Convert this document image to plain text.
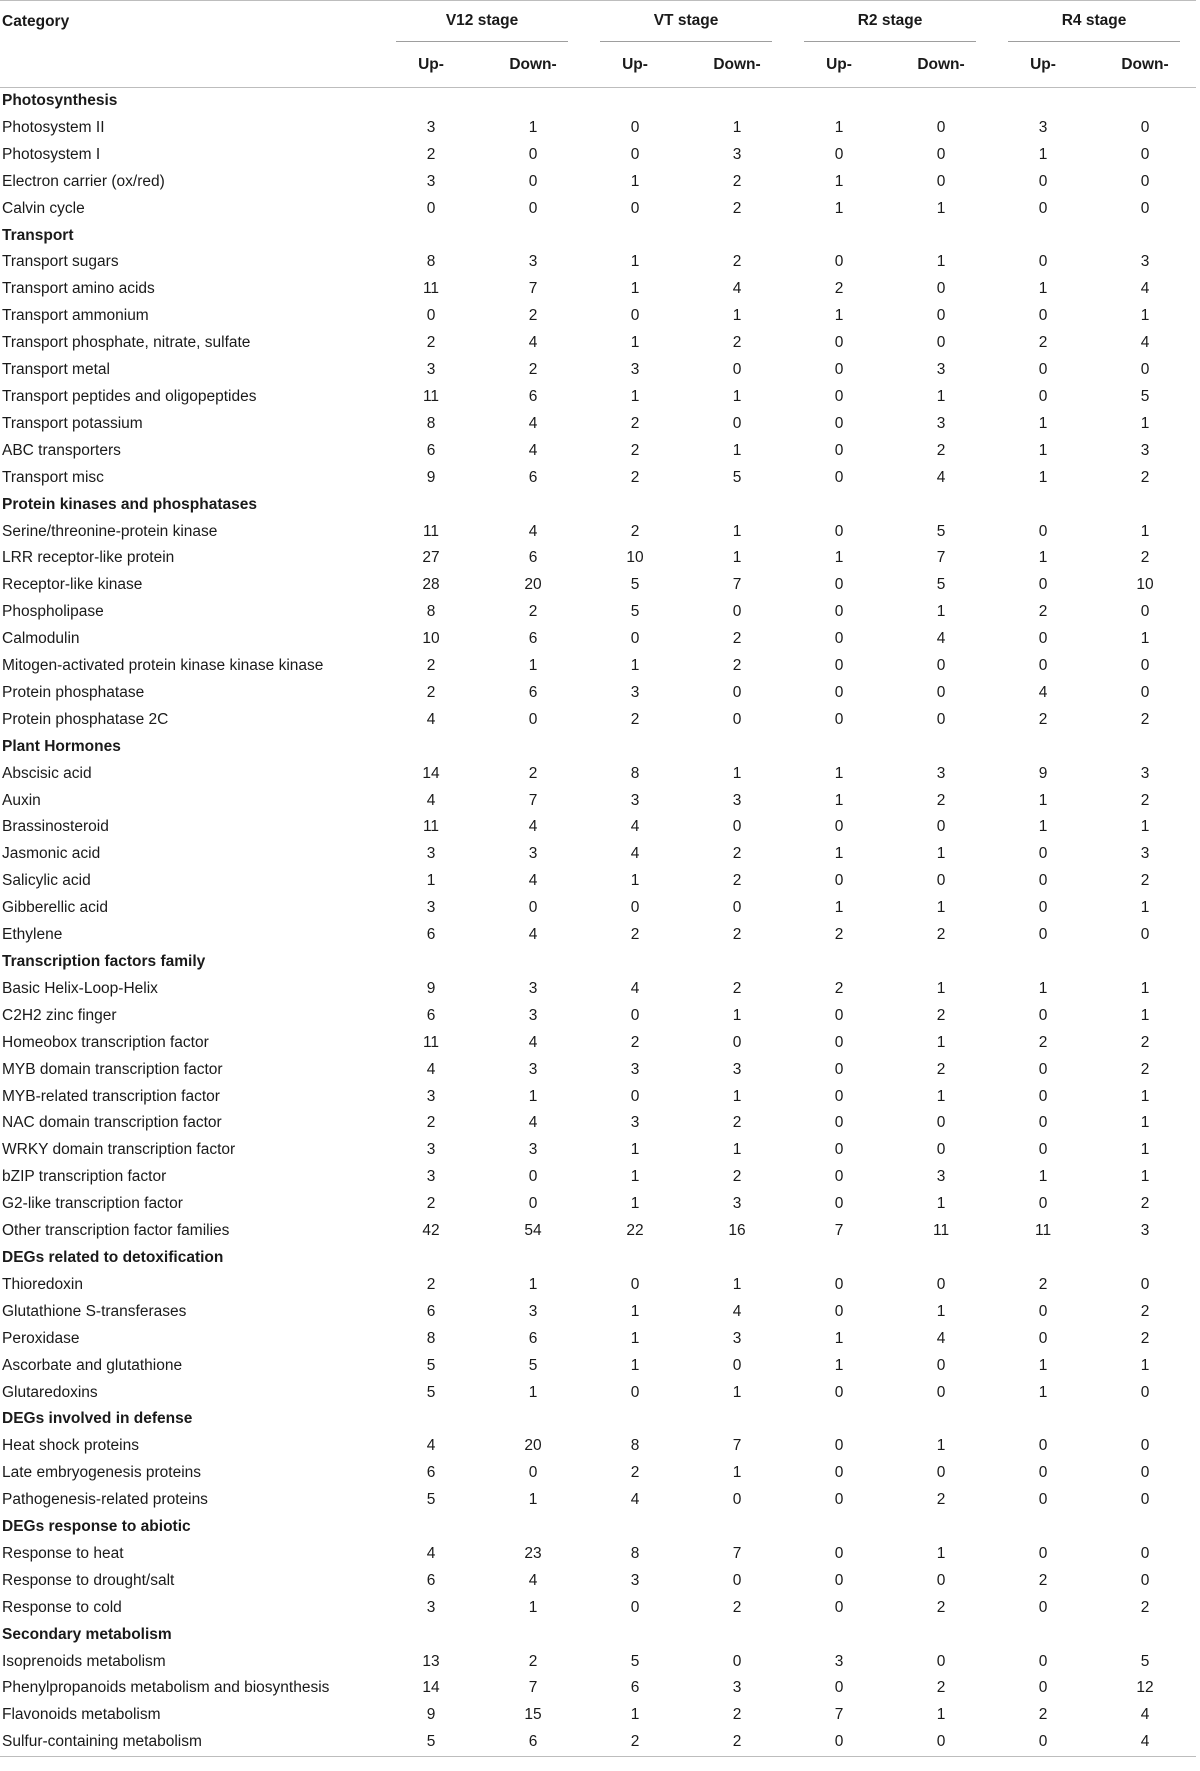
Category	V12 stage		VT stage		R2 stage		R4 stage	

	Up-	Down-	Up-	Down-	Up-	Down-	Up-	Down-
Photosynthesis								
Photosystem II	3	1	0	1	1	0	3	0
Photosystem I	2	0	0	3	0	0	1	0
Electron carrier (ox/red)	3	0	1	2	1	0	0	0
Calvin cycle	0	0	0	2	1	1	0	0
Transport								
Transport sugars	8	3	1	2	0	1	0	3
Transport amino acids	11	7	1	4	2	0	1	4
Transport ammonium	0	2	0	1	1	0	0	1
Transport phosphate, nitrate, sulfate	2	4	1	2	0	0	2	4
Transport metal	3	2	3	0	0	3	0	0
Transport peptides and oligopeptides	11	6	1	1	0	1	0	5
Transport potassium	8	4	2	0	0	3	1	1
ABC transporters	6	4	2	1	0	2	1	3
Transport misc	9	6	2	5	0	4	1	2
Protein kinases and phosphatases								
Serine/threonine-protein kinase	11	4	2	1	0	5	0	1
LRR receptor-like protein	27	6	10	1	1	7	1	2
Receptor-like kinase	28	20	5	7	0	5	0	10
Phospholipase	8	2	5	0	0	1	2	0
Calmodulin	10	6	0	2	0	4	0	1
Mitogen-activated protein kinase kinase kinase	2	1	1	2	0	0	0	0
Protein phosphatase	2	6	3	0	0	0	4	0
Protein phosphatase 2C	4	0	2	0	0	0	2	2
Plant Hormones								
Abscisic acid	14	2	8	1	1	3	9	3
Auxin	4	7	3	3	1	2	1	2
Brassinosteroid	11	4	4	0	0	0	1	1
Jasmonic acid	3	3	4	2	1	1	0	3
Salicylic acid	1	4	1	2	0	0	0	2
Gibberellic acid	3	0	0	0	1	1	0	1
Ethylene	6	4	2	2	2	2	0	0
Transcription factors family								
Basic Helix-Loop-Helix	9	3	4	2	2	1	1	1
C2H2 zinc finger	6	3	0	1	0	2	0	1
Homeobox transcription factor	11	4	2	0	0	1	2	2
MYB domain transcription factor	4	3	3	3	0	2	0	2
MYB-related transcription factor	3	1	0	1	0	1	0	1
NAC domain transcription factor	2	4	3	2	0	0	0	1
WRKY domain transcription factor	3	3	1	1	0	0	0	1
bZIP transcription factor	3	0	1	2	0	3	1	1
G2-like transcription factor	2	0	1	3	0	1	0	2
Other transcription factor families	42	54	22	16	7	11	11	3
DEGs related to detoxification								
Thioredoxin	2	1	0	1	0	0	2	0
Glutathione S-transferases	6	3	1	4	0	1	0	2
Peroxidase	8	6	1	3	1	4	0	2
Ascorbate and glutathione	5	5	1	0	1	0	1	1
Glutaredoxins	5	1	0	1	0	0	1	0
DEGs involved in defense								
Heat shock proteins	4	20	8	7	0	1	0	0
Late embryogenesis proteins	6	0	2	1	0	0	0	0
Pathogenesis-related proteins	5	1	4	0	0	2	0	0
DEGs response to abiotic								
Response to heat	4	23	8	7	0	1	0	0
Response to drought/salt	6	4	3	0	0	0	2	0
Response to cold	3	1	0	2	0	2	0	2
Secondary metabolism								
Isoprenoids metabolism	13	2	5	0	3	0	0	5
Phenylpropanoids metabolism and biosynthesis	14	7	6	3	0	2	0	12
Flavonoids metabolism	9	15	1	2	7	1	2	4
Sulfur-containing metabolism	5	6	2	2	0	0	0	4
